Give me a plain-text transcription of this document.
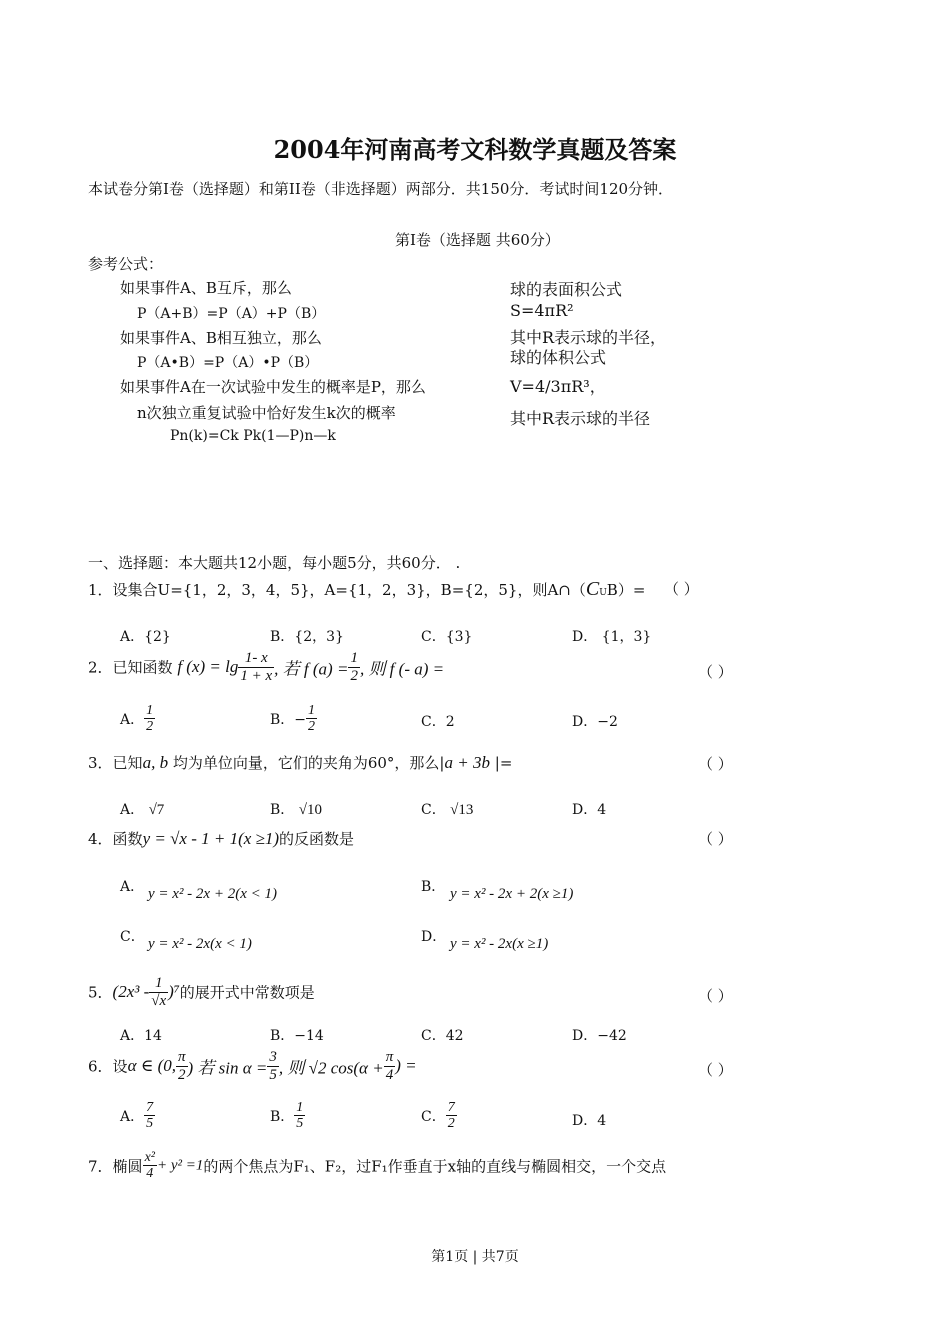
2004年河南高考文科数学真题及答案
本试卷分第Ⅰ卷（选择题）和第II卷（非选择题）两部分．共150分．考试时间120分钟．
第Ⅰ卷（选择题 共60分）
参考公式：
如果事件A、B互斥，那么
P（A+B）=P（A）+P（B）
如果事件A、B相互独立，那么
P（A•B）=P（A）•P（B）
如果事件A在一次试验中发生的概率是P，那么
n次独立重复试验中恰好发生k次的概率
Pn(k)=Ck Pk(1—P)n—k
球的表面积公式
S=4πR²
其中R表示球的半径，
球的体积公式
V=4/3πR³，
其中R表示球的半径
一、选择题：本大题共12小题，每小题5分，共60分． .
1．设集合U={1，2，3，4，5}，A={1，2，3}，B={2，5}，则A∩（CUB）= （ ）
A．{2}	B．{2，3}	C．{3}	D． {1，3}
2．已知函数 f $(x) = \lg \frac{1- x}{1 + x}$ , 若 f $(a) = \frac{1}{2}$ , 则 f (- a) =	（ ）
A． $\frac{1}{2}$	B．− $\frac{1}{2}$	C．2	D．−2
3．已知a, b 均为单位向量，它们的夹角为60°，那么|a + 3b |=	（ ）
A． √7	B． √10	C． √13	D．4
4．函数y = √x - 1 + 1(x ≥1)的反函数是	（ ）
A． y = x² - 2x + 2(x < 1)	B． y = x² - 2x + 2(x ≥1)
C． y = x² - 2x(x < 1)	D． y = x² - 2x(x ≥1)
5．$(2x^3 - \frac{1}{√x} )^7$的展开式中常数项是	（ ）
A．14	B．−14	C．42	D．−42
6．设α ∈ (0, $\frac{\pi}{2}$ ) 若 $\sin \alpha = \frac{3}{5}$ , 则 √2 $\cos(\alpha + \frac{\pi}{4}$ ) =	（ ）
A． $\frac{7}{5}$	B． $\frac{1}{5}$	C． $\frac{7}{2}$	D．4
7．椭圆 $\frac{\text{x²}}{4} + y^2 =1$的两个焦点为F₁、F₂，过F₁作垂直于x轴的直线与椭圆相交，一个交点
第1页 | 共7页
